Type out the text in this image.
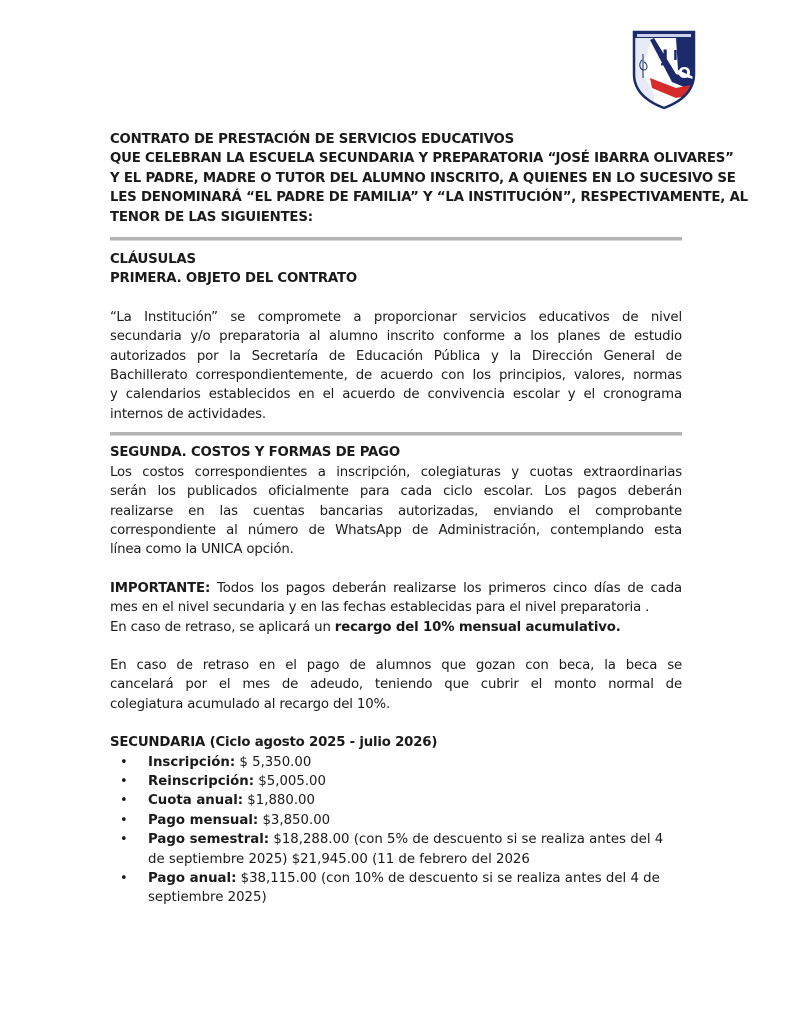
J I
O
CONTRATO DE PRESTACIÓN DE SERVICIOS EDUCATIVOS
QUE CELEBRAN LA ESCUELA SECUNDARIA Y PREPARATORIA “JOSÉ IBARRA OLIVARES”
Y EL PADRE, MADRE O TUTOR DEL ALUMNO INSCRITO, A QUIENES EN LO SUCESIVO SE
LES DENOMINARÁ “EL PADRE DE FAMILIA” Y “LA INSTITUCIÓN”, RESPECTIVAMENTE, AL
TENOR DE LAS SIGUIENTES:
CLÁUSULAS
PRIMERA. OBJETO DEL CONTRATO
“La Institución” se compromete a proporcionar servicios educativos de nivel
secundaria y/o preparatoria al alumno inscrito conforme a los planes de estudio
autorizados por la Secretaría de Educación Pública y la Dirección General de
Bachillerato correspondientemente, de acuerdo con los principios, valores, normas
y calendarios establecidos en el acuerdo de convivencia escolar y el cronograma
internos de actividades.
SEGUNDA. COSTOS Y FORMAS DE PAGO
Los costos correspondientes a inscripción, colegiaturas y cuotas extraordinarias
serán los publicados oficialmente para cada ciclo escolar. Los pagos deberán
realizarse en las cuentas bancarias autorizadas, enviando el comprobante
correspondiente al número de WhatsApp de Administración, contemplando esta
línea como la UNICA opción.
IMPORTANTE: Todos los pagos deberán realizarse los primeros cinco días de cada
mes en el nivel secundaria y en las fechas establecidas para el nivel preparatoria .
En caso de retraso, se aplicará un recargo del 10% mensual acumulativo.
En caso de retraso en el pago de alumnos que gozan con beca, la beca se
cancelará por el mes de adeudo, teniendo que cubrir el monto normal de
colegiatura acumulado al recargo del 10%.
SECUNDARIA (Ciclo agosto 2025 - julio 2026)
• Inscripción: $ 5,350.00
• Reinscripción: $5,005.00
• Cuota anual: $1,880.00
• Pago mensual: $3,850.00
• Pago semestral: $18,288.00 (con 5% de descuento si se realiza antes del 4 de septiembre 2025) $21,945.00 (11 de febrero del 2026
• Pago anual: $38,115.00 (con 10% de descuento si se realiza antes del 4 de septiembre 2025)
